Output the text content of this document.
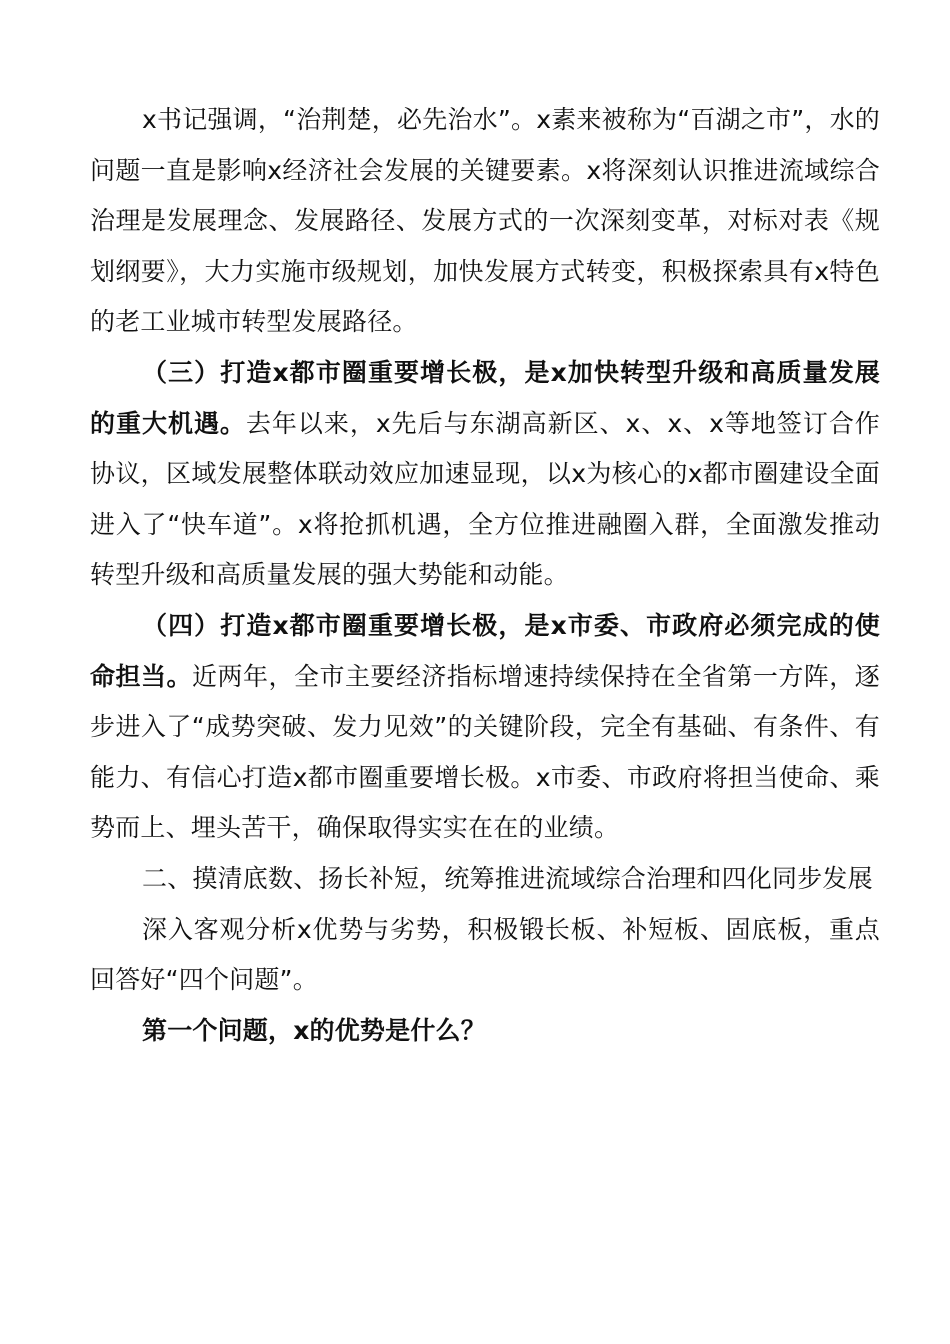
x书记强调，“治荆楚，必先治水”。x素来被称为“百湖之市”，水的问题一直是影响x经济社会发展的关键要素。x将深刻认识推进流域综合治理是发展理念、发展路径、发展方式的一次深刻变革，对标对表《规划纲要》，大力实施市级规划，加快发展方式转变，积极探索具有x特色的老工业城市转型发展路径。

（三）打造x都市圈重要增长极，是x加快转型升级和高质量发展的重大机遇。去年以来，x先后与东湖高新区、x、x、x等地签订合作协议，区域发展整体联动效应加速显现，以x为核心的x都市圈建设全面进入了“快车道”。x将抢抓机遇，全方位推进融圈入群，全面激发推动转型升级和高质量发展的强大势能和动能。

（四）打造x都市圈重要增长极，是x市委、市政府必须完成的使命担当。近两年，全市主要经济指标增速持续保持在全省第一方阵，逐步进入了“成势突破、发力见效”的关键阶段，完全有基础、有条件、有能力、有信心打造x都市圈重要增长极。x市委、市政府将担当使命、乘势而上、埋头苦干，确保取得实实在在的业绩。

二、摸清底数、扬长补短，统筹推进流域综合治理和四化同步发展

深入客观分析x优势与劣势，积极锻长板、补短板、固底板，重点回答好“四个问题”。

第一个问题，x的优势是什么？
